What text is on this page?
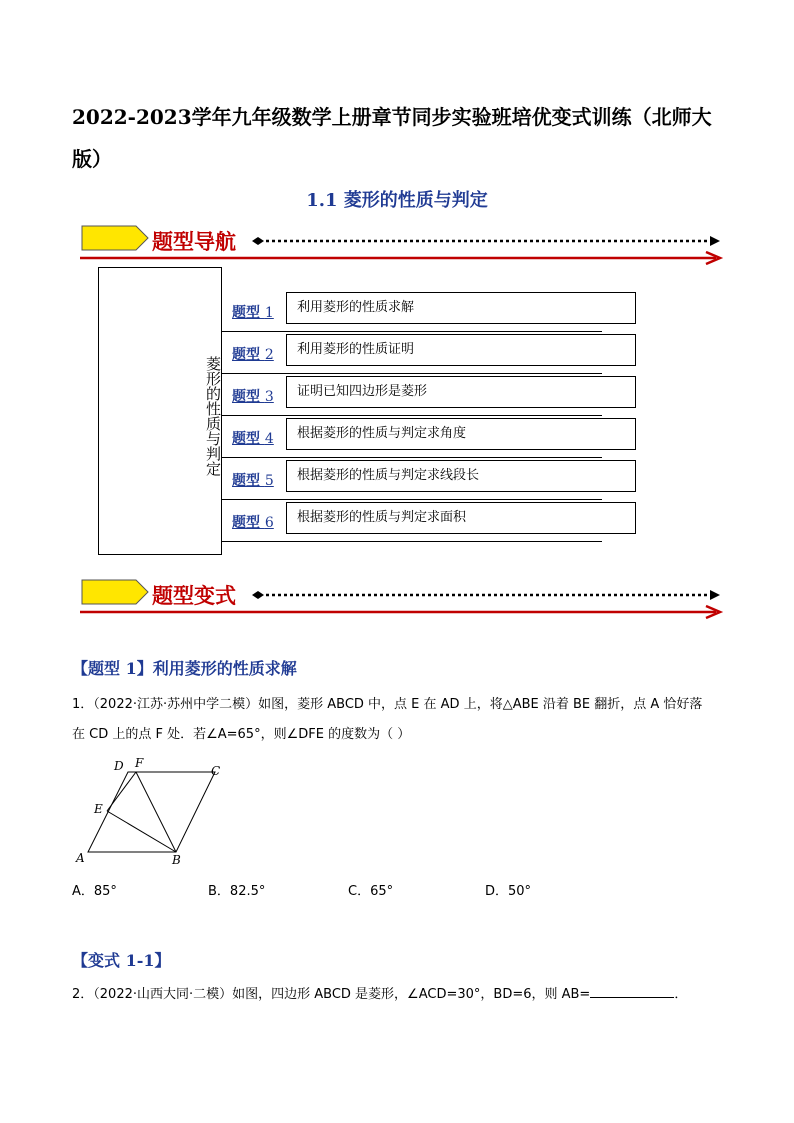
2022-2023学年九年级数学上册章节同步实验班培优变式训练（北师大版）
1.1 菱形的性质与判定
题型导航
菱形的性质与判定
题型 1	利用菱形的性质求解
题型 2	利用菱形的性质证明
题型 3	证明已知四边形是菱形
题型 4	根据菱形的性质与判定求角度
题型 5	根据菱形的性质与判定求线段长
题型 6	根据菱形的性质与判定求面积
题型变式
【题型 1】利用菱形的性质求解
1．（2022·江苏·苏州中学二模）如图，菱形 ABCD 中，点 E 在 AD 上，将△ABE 沿着 BE 翻折，点 A 恰好落
在 CD 上的点 F 处．若∠A=65°，则∠DFE 的度数为（ ）
D F
C
E
A	B
A．85°	B．82.5°	C．65°	D．50°
【变式 1-1】
2．（2022·山西大同·二模）如图，四边形 ABCD 是菱形，∠ACD=30°，BD=6，则 AB=	．
